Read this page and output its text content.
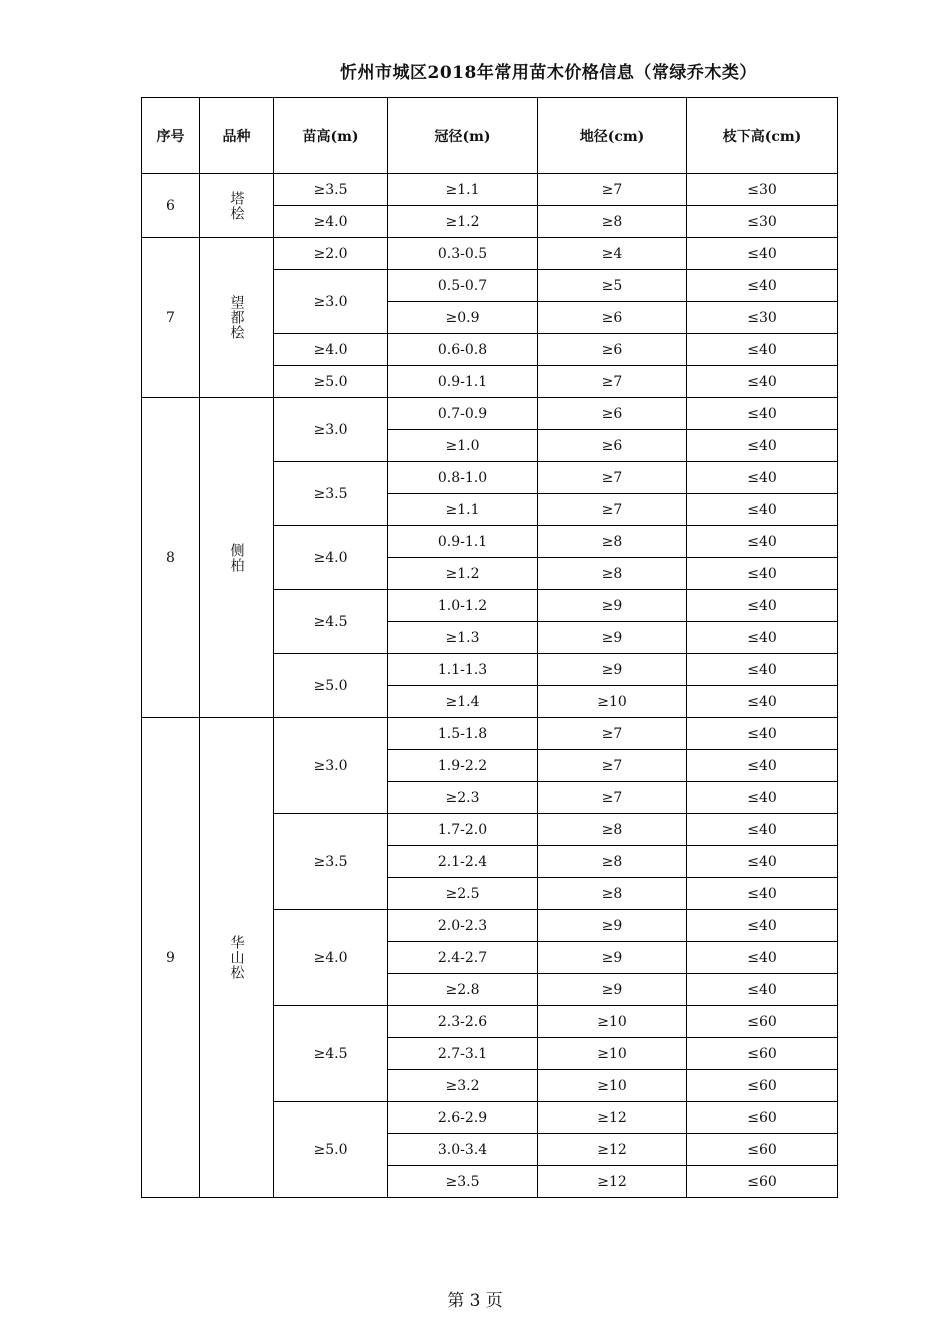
忻州市城区2018年常用苗木价格信息（常绿乔木类）
序号	品种	苗高(m)	冠径(m)	地径(cm)	枝下高(cm)
6	塔桧	≥3.5	≥1.1	≥7	≤30
		≥4.0	≥1.2	≥8	≤30
7	望都桧	≥2.0	0.3-0.5	≥4	≤40
		≥3.0	0.5-0.7	≥5	≤40
			≥0.9	≥6	≤30
		≥4.0	0.6-0.8	≥6	≤40
		≥5.0	0.9-1.1	≥7	≤40
8	侧柏	≥3.0	0.7-0.9	≥6	≤40
			≥1.0	≥6	≤40
		≥3.5	0.8-1.0	≥7	≤40
			≥1.1	≥7	≤40
		≥4.0	0.9-1.1	≥8	≤40
			≥1.2	≥8	≤40
		≥4.5	1.0-1.2	≥9	≤40
			≥1.3	≥9	≤40
		≥5.0	1.1-1.3	≥9	≤40
			≥1.4	≥10	≤40
9	华山松	≥3.0	1.5-1.8	≥7	≤40
			1.9-2.2	≥7	≤40
			≥2.3	≥7	≤40
		≥3.5	1.7-2.0	≥8	≤40
			2.1-2.4	≥8	≤40
			≥2.5	≥8	≤40
		≥4.0	2.0-2.3	≥9	≤40
			2.4-2.7	≥9	≤40
			≥2.8	≥9	≤40
		≥4.5	2.3-2.6	≥10	≤60
			2.7-3.1	≥10	≤60
			≥3.2	≥10	≤60
		≥5.0	2.6-2.9	≥12	≤60
			3.0-3.4	≥12	≤60
			≥3.5	≥12	≤60
第 3 页
